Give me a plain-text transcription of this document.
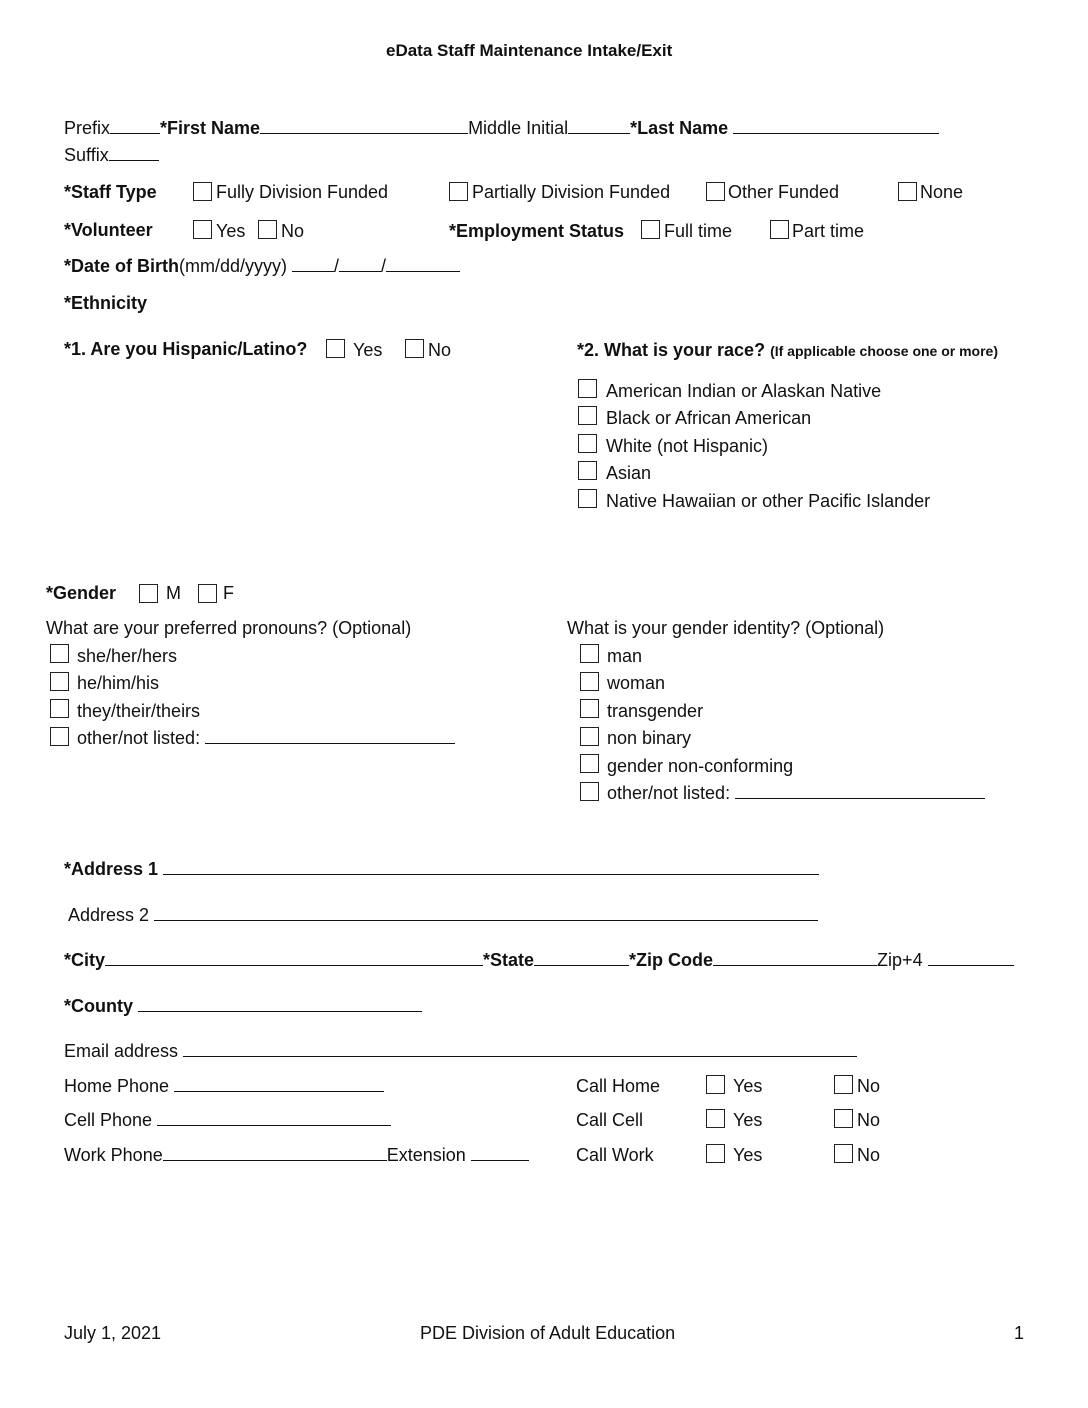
eData Staff Maintenance Intake/Exit
Prefix	*First Name	Middle Initial	*Last Name
Suffix
*Staff Type	Fully Division Funded	Partially Division Funded	Other Funded	None
*Volunteer	Yes No	*Employment Status Full time	Part time
*Date of Birth(mm/dd/yyyy)	/ /
*Ethnicity
*1. Are you Hispanic/Latino?	Yes	No	*2. What is your race? (If applicable choose one or more)
American Indian or Alaskan Native
Black or African American
White (not Hispanic)
Asian
Native Hawaiian or other Pacific Islander
*Gender	M F
What are your preferred pronouns? (Optional)
she/her/hers
he/him/his
they/their/theirs
other/not listed:
What is your gender identity? (Optional)
man
woman
transgender
non binary
gender non-conforming
other/not listed:
*Address 1
Address 2
*City	*State	*Zip Code	Zip+4
*County
Email address
Home Phone	Call Home	Yes	No
Cell Phone	Call Cell	Yes	No
Work Phone	Extension	Call Work	Yes	No
July 1, 2021	PDE Division of Adult Education	1
